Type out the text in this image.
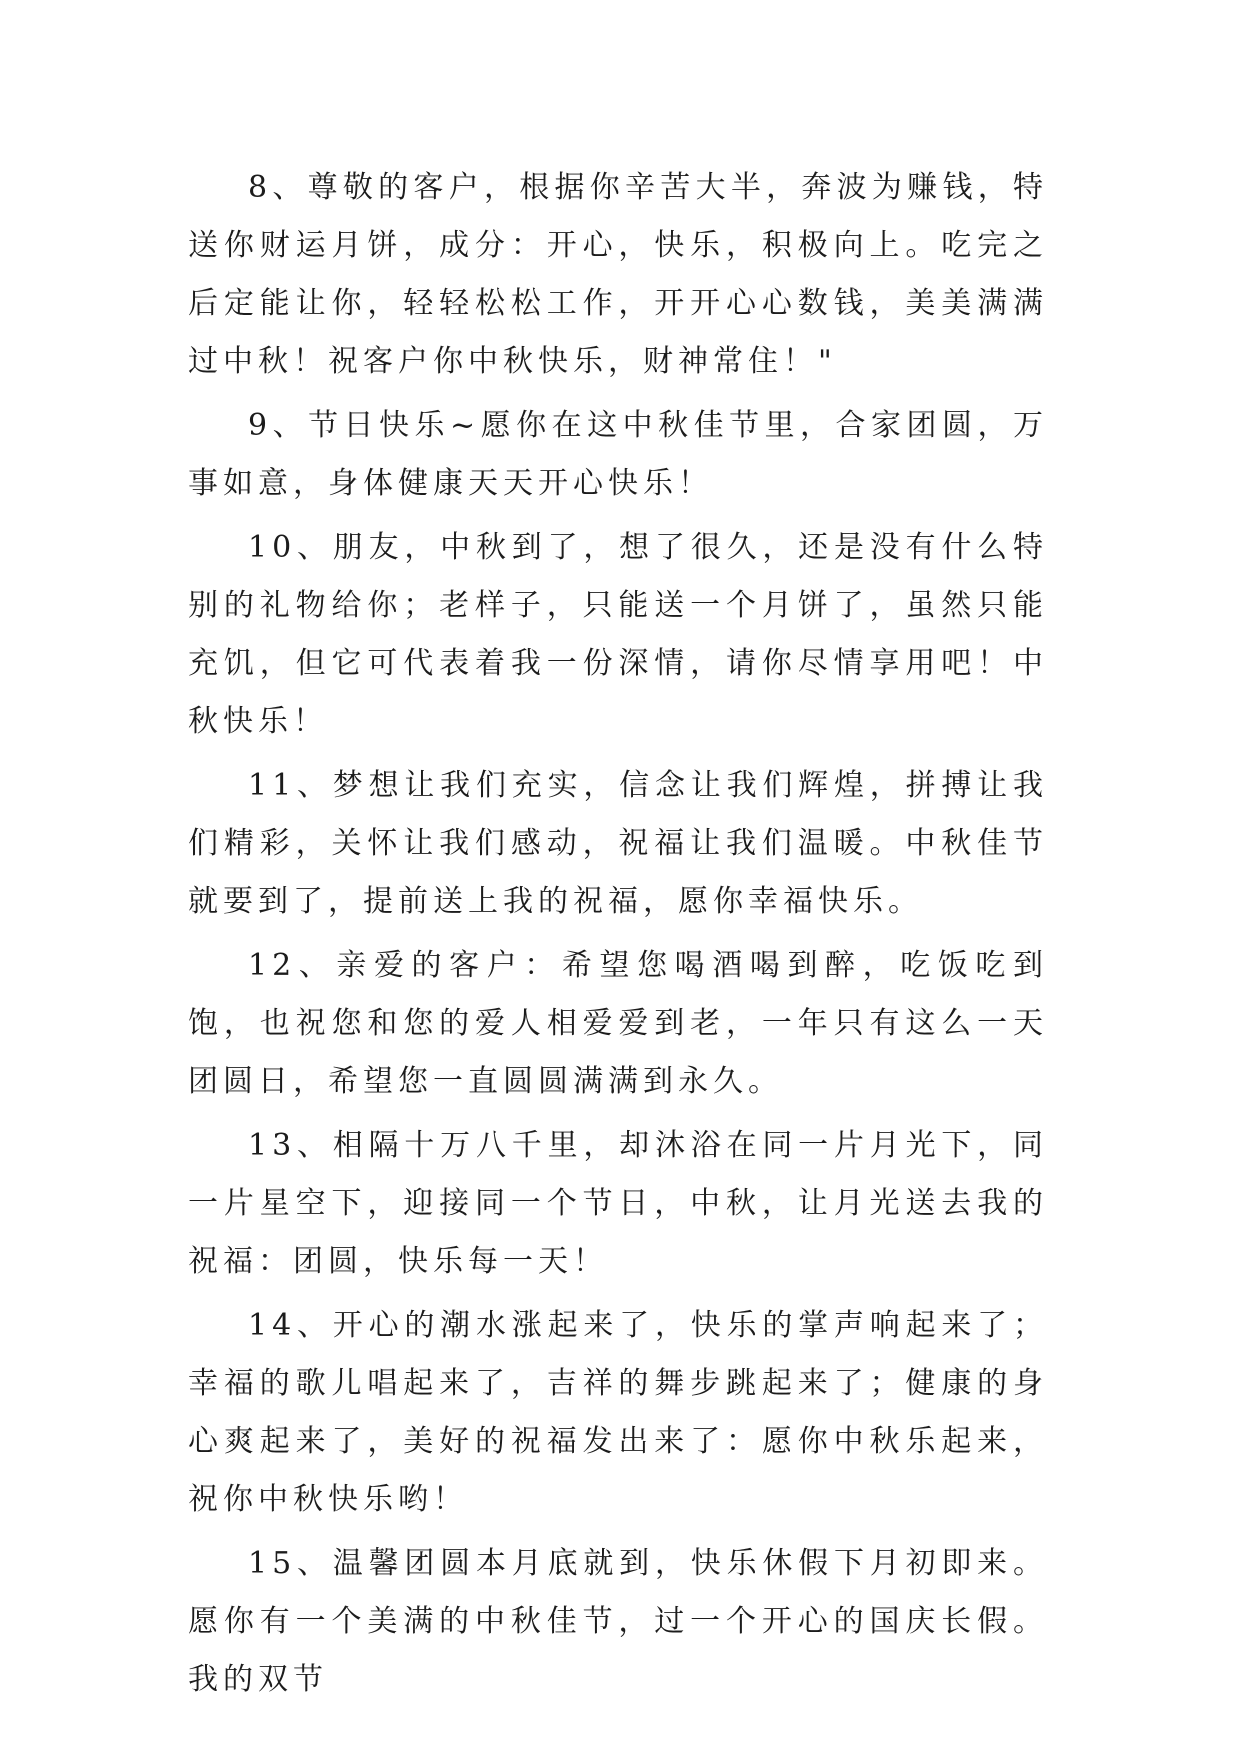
8、尊敬的客户，根据你辛苦大半，奔波为赚钱，特送你财运月饼，成分：开心，快乐，积极向上。吃完之后定能让你，轻轻松松工作，开开心心数钱，美美满满过中秋！祝客户你中秋快乐，财神常住！"

9、节日快乐~愿你在这中秋佳节里，合家团圆，万事如意，身体健康天天开心快乐！

10、朋友，中秋到了，想了很久，还是没有什么特别的礼物给你；老样子，只能送一个月饼了，虽然只能充饥，但它可代表着我一份深情，请你尽情享用吧！中秋快乐！

11、梦想让我们充实，信念让我们辉煌，拼搏让我们精彩，关怀让我们感动，祝福让我们温暖。中秋佳节就要到了，提前送上我的祝福，愿你幸福快乐。

12、亲爱的客户：希望您喝酒喝到醉，吃饭吃到饱，也祝您和您的爱人相爱爱到老，一年只有这么一天团圆日，希望您一直圆圆满满到永久。

13、相隔十万八千里，却沐浴在同一片月光下，同一片星空下，迎接同一个节日，中秋，让月光送去我的祝福：团圆，快乐每一天！

14、开心的潮水涨起来了，快乐的掌声响起来了；幸福的歌儿唱起来了，吉祥的舞步跳起来了；健康的身心爽起来了，美好的祝福发出来了：愿你中秋乐起来，祝你中秋快乐哟！

15、温馨团圆本月底就到，快乐休假下月初即来。愿你有一个美满的中秋佳节，过一个开心的国庆长假。我的双节
